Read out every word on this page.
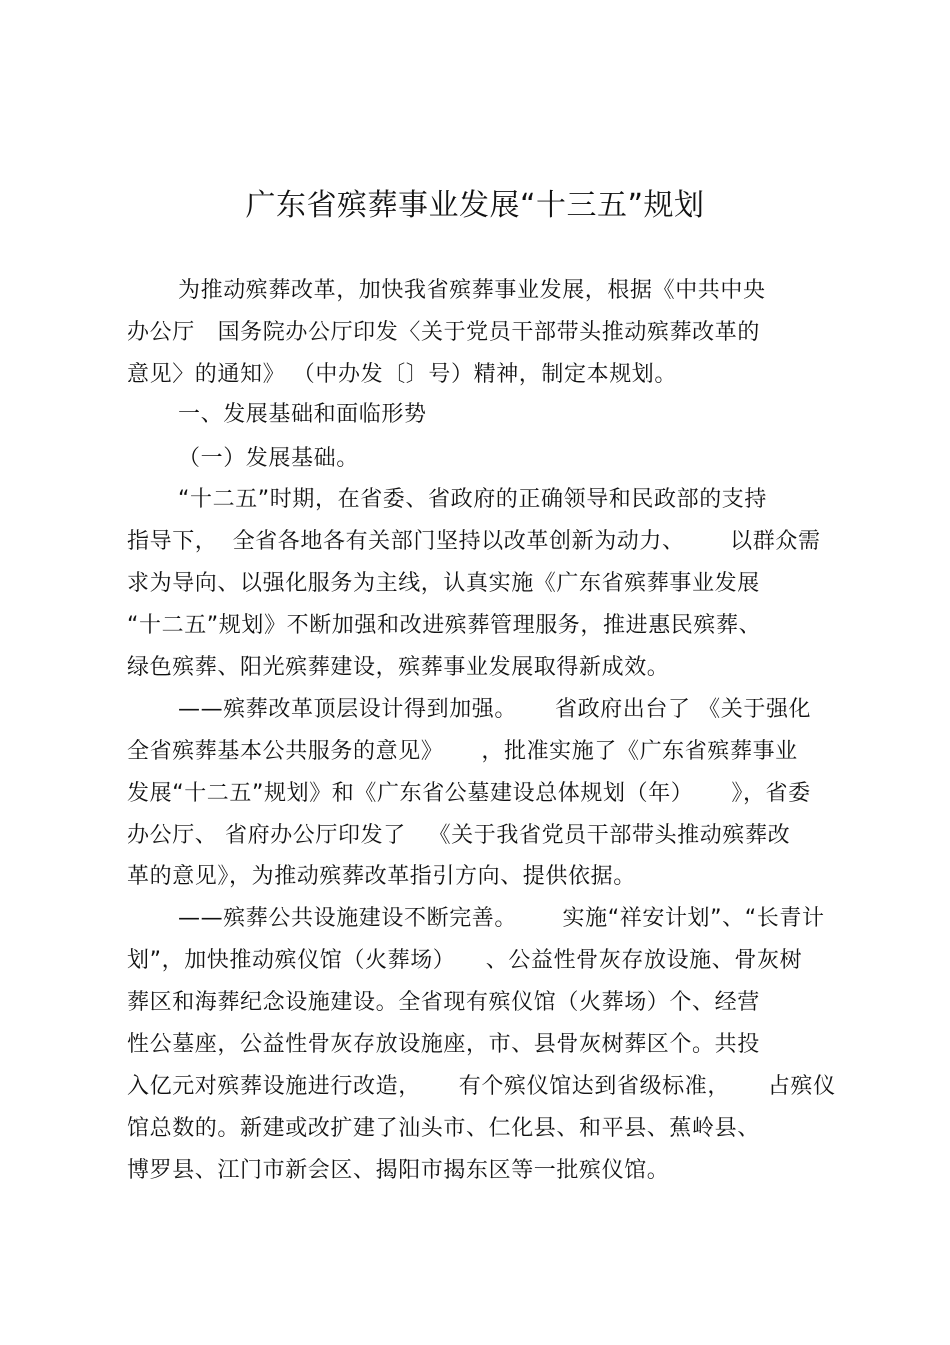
广东省殡葬事业发展“十三五”规划
为推动殡葬改革，加快我省殡葬事业发展，根据《中共中央
办公厅   国务院办公厅印发〈关于党员干部带头推动殡葬改革的
意见〉的通知》 （中办发〔〕号）精神，制定本规划。
一、发展基础和面临形势
（一）发展基础。
“十二五”时期，在省委、省政府的正确领导和民政部的支持
指导下，  全省各地各有关部门坚持以改革创新为动力、      以群众需
求为导向、以强化服务为主线，认真实施《广东省殡葬事业发展
“十二五”规划》不断加强和改进殡葬管理服务，推进惠民殡葬、
绿色殡葬、阳光殡葬建设，殡葬事业发展取得新成效。
——殡葬改革顶层设计得到加强。     省政府出台了 《关于强化
全省殡葬基本公共服务的意见》     ，批准实施了《广东省殡葬事业
发展“十二五”规划》和《广东省公墓建设总体规划（年）     》，省委
办公厅、 省府办公厅印发了   《关于我省党员干部带头推动殡葬改
革的意见》，为推动殡葬改革指引方向、提供依据。
——殡葬公共设施建设不断完善。      实施“祥安计划”、“长青计
划”，加快推动殡仪馆（火葬场）    、公益性骨灰存放设施、骨灰树
葬区和海葬纪念设施建设。全省现有殡仪馆（火葬场）个、经营
性公墓座，公益性骨灰存放设施座，市、县骨灰树葬区个。共投
入亿元对殡葬设施进行改造，     有个殡仪馆达到省级标准，     占殡仪
馆总数的。新建或改扩建了汕头市、仁化县、和平县、蕉岭县、
博罗县、江门市新会区、揭阳市揭东区等一批殡仪馆。
